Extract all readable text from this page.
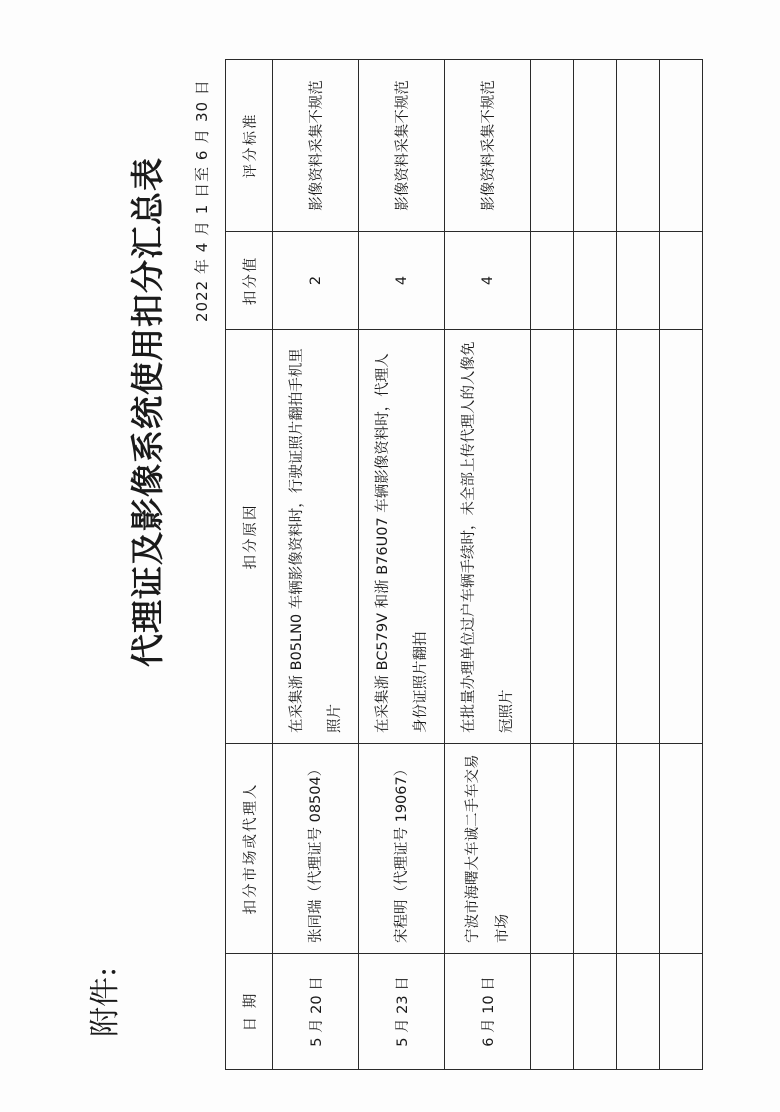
附件:
代理证及影像系统使用扣分汇总表	2022 年 4 月 1 日至 6 月 30 日
日 期	扣分市场或代理人	扣分原因	扣分值	评分标准
5 月 20 日	张同瑞（代理证号 08504）	在采集浙 B05LN0 车辆影像资料时，行驶证照片翻拍手机里照片	2	影像资料采集不规范
5 月 23 日	宋程明（代理证号 19067）	在采集浙 BC579V 和浙 B76U07 车辆影像资料时，代理人身份证照片翻拍	4	影像资料采集不规范
6 月 10 日	宁波市海曙大车诚二手车交易市场	在批量办理单位过户车辆手续时，未全部上传代理人的人像免冠照片	4	影像资料采集不规范
